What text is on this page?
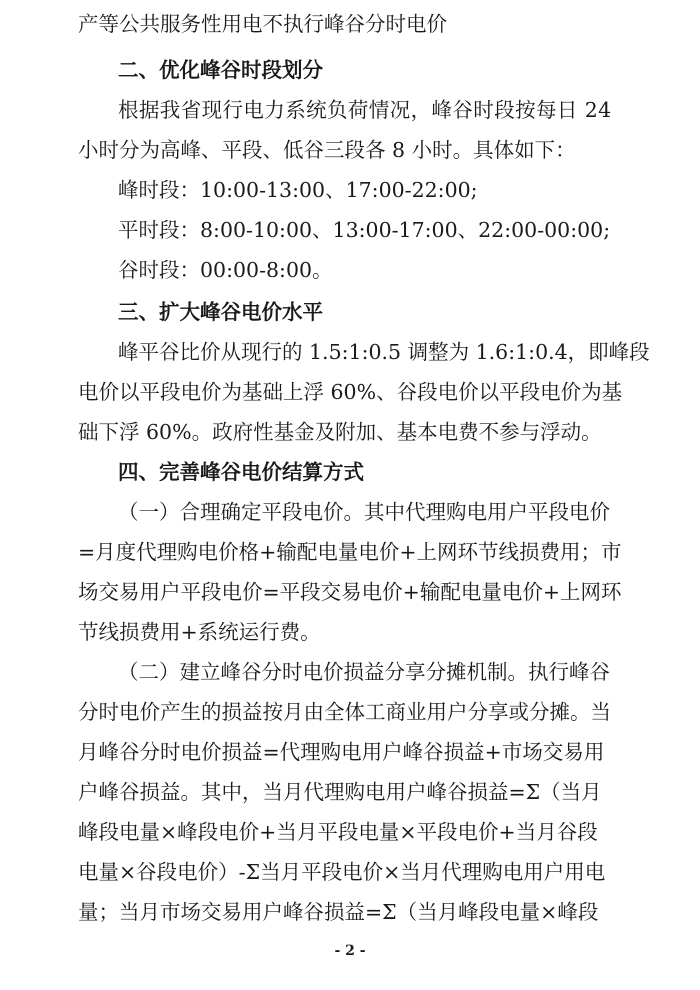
产等公共服务性用电不执行峰谷分时电价
二、优化峰谷时段划分
根据我省现行电力系统负荷情况，峰谷时段按每日 24
小时分为高峰、平段、低谷三段各 8 小时。具体如下：
峰时段：10:00-13:00、17:00-22:00;
平时段：8:00-10:00、13:00-17:00、22:00-00:00;
谷时段：00:00-8:00。
三、扩大峰谷电价水平
峰平谷比价从现行的 1.5:1:0.5 调整为 1.6:1:0.4，即峰段
电价以平段电价为基础上浮 60%、谷段电价以平段电价为基
础下浮 60%。政府性基金及附加、基本电费不参与浮动。
四、完善峰谷电价结算方式
（一）合理确定平段电价。其中代理购电用户平段电价
=月度代理购电价格+输配电量电价+上网环节线损费用；市
场交易用户平段电价=平段交易电价+输配电量电价+上网环
节线损费用+系统运行费。
（二）建立峰谷分时电价损益分享分摊机制。执行峰谷
分时电价产生的损益按月由全体工商业用户分享或分摊。当
月峰谷分时电价损益=代理购电用户峰谷损益+市场交易用
户峰谷损益。其中，当月代理购电用户峰谷损益=Σ（当月
峰段电量×峰段电价+当月平段电量×平段电价+当月谷段
电量×谷段电价）-Σ当月平段电价×当月代理购电用户用电
量；当月市场交易用户峰谷损益=Σ（当月峰段电量×峰段
- 2 -
